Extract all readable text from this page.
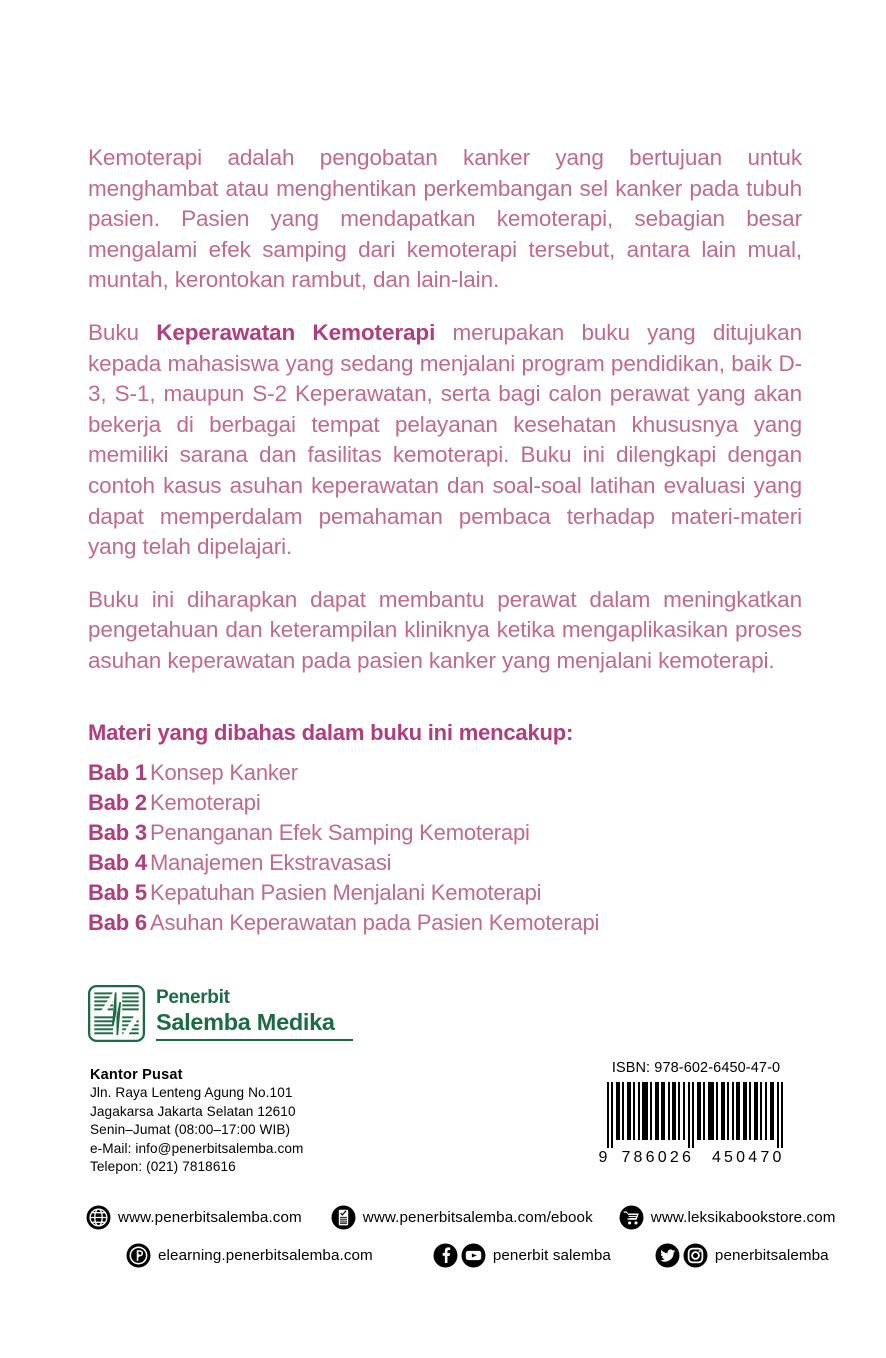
Kemoterapi adalah pengobatan kanker yang bertujuan untuk menghambat atau menghentikan perkembangan sel kanker pada tubuh pasien. Pasien yang mendapatkan kemoterapi, sebagian besar mengalami efek samping dari kemoterapi tersebut, antara lain mual, muntah, kerontokan rambut, dan lain-lain.

Buku Keperawatan Kemoterapi merupakan buku yang ditujukan kepada mahasiswa yang sedang menjalani program pendidikan, baik D-3, S-1, maupun S-2 Keperawatan, serta bagi calon perawat yang akan bekerja di berbagai tempat pelayanan kesehatan khususnya yang memiliki sarana dan fasilitas kemoterapi. Buku ini dilengkapi dengan contoh kasus asuhan keperawatan dan soal-soal latihan evaluasi yang dapat memperdalam pemahaman pembaca terhadap materi-materi yang telah dipelajari.

Buku ini diharapkan dapat membantu perawat dalam meningkatkan pengetahuan dan keterampilan kliniknya ketika mengaplikasikan proses asuhan keperawatan pada pasien kanker yang menjalani kemoterapi.

Materi yang dibahas dalam buku ini mencakup:
Bab 1 Konsep Kanker
Bab 2 Kemoterapi
Bab 3 Penanganan Efek Samping Kemoterapi
Bab 4 Manajemen Ekstravasasi
Bab 5 Kepatuhan Pasien Menjalani Kemoterapi
Bab 6 Asuhan Keperawatan pada Pasien Kemoterapi
Penerbit
Salemba Medika
Kantor Pusat
Jln. Raya Lenteng Agung No.101
Jagakarsa Jakarta Selatan 12610
Senin–Jumat (08:00–17:00 WIB)
e-Mail: info@penerbitsalemba.com
Telepon: (021) 7818616
ISBN: 978-602-6450-47-0
9 786026	450470
www.penerbitsalemba.com	www.penerbitsalemba.com/ebook	www.leksikabookstore.com
elearning.penerbitsalemba.com	penerbit salemba	penerbitsalemba
